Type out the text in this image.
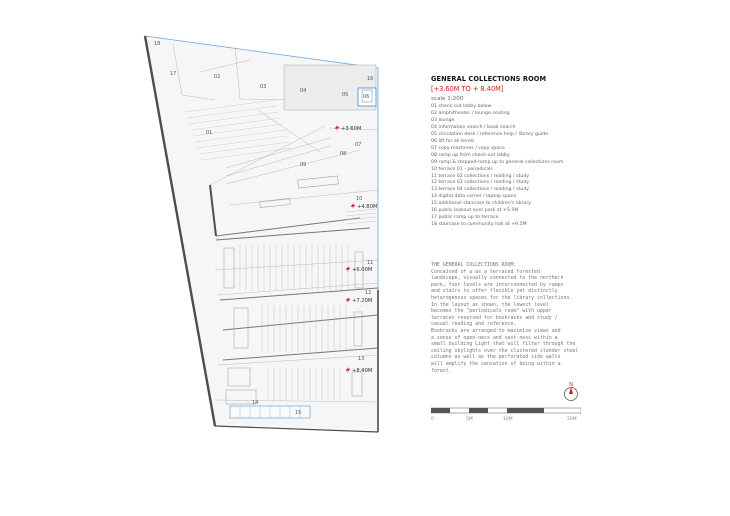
18
17
16
02
03
04
05	06
01
07
08
09
10
11
12
13
14
15
+3.60M
+4.80M
+6.00M
+7.20M
+8.40M
GENERAL COLLECTIONS ROOM
[+3.60M TO + 8.40M]
scale 1:200
01 check-out lobby below
02 amphitheater / lounge seating
03 lounge
04 information search / book search
05 circulation desk / reference help / library guide
06 lift for all levels
07 copy machines / copy space
08 ramp up from check-out lobby
09 ramp & stepped-ramp up to general collections room
10 terrace 01 - periodicals
11 terrace 02 collections / reading / study
12 terrace 03 collections / reading / study
13 terrace 04 collections / reading / study
14 digital data corner / laptop space
15 additional staircase to children's library
16 public lookout over park at +5.5M
17 public ramp up to terrace
18 staircase to community hall at +9.5M
THE GENERAL COLLECTIONS ROOM:

Conceived of a as a terraced forested

landscape, visually connected to the northern

park, four levels are interconnected by ramps

and stairs to offer flexible yet distinctly

heterogenous spaces for the library collections.

In the layout as shown, the lowest level

becomes the "periodicals room" with upper

terraces reserved for bookracks and study /

casual reading and reference.

Bookracks are arranged to maximise views and

a sense of open-ness and vast-ness within a

small building Light that will filter through the

ceiling skylights over the clustered slender steel

columns as well as the perforated side walls

will amplify the sensation of being within a

forest.

N
0	5M	10M	20M
